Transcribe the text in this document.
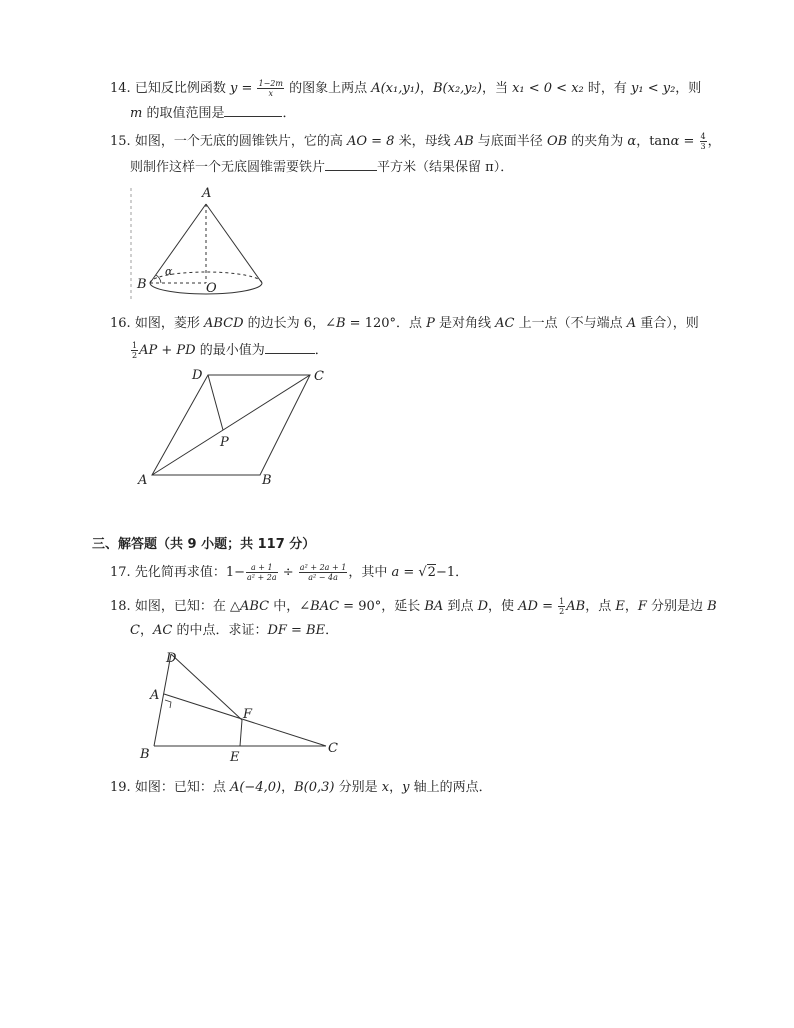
14. 已知反比例函数 $y = \frac{1-2m}{x}$ 的图象上两点 A(x₁,y₁)，B(x₂,y₂)，当 x₁ < 0 < x₂ 时，有 y₁ < y₂，则
m 的取值范围是	．
15. 如图，一个无底的圆锥铁片，它的高 AO = 8 米，母线 AB 与底面半径 OB 的夹角为 α，$\tan\alpha = \frac{4}{3}$ ，
则制作这样一个无底圆锥需要铁片	平方米（结果保留 π）．
A
B	O
α
16. 如图，菱形 ABCD 的边长为 6，∠B = 120°．点 P 是对角线 AC 上一点（不与端点 A 重合），则
$\frac{1}{2}$ AP + PD 的最小值为	．
A	B
C
D
P
三、解答题（共 9 小题；共 117 分）
17. 先化简再求值：$1- \frac{a + 1}{\text{a² + 2a}} \div \frac{\text{a² + 2a + 1}}{\text{a² − 4a}}$ ，其中 a = √2−1．
18. 如图，已知：在 △ABC 中，∠BAC = 90°，延长 BA 到点 D，使 AD = $\frac{1}{2}$ AB，点 E，F 分别是边 B
C，AC 的中点．求证：DF = BE．
D
A
B	C
E
F
19. 如图：已知：点 A(−4,0)，B(0,3) 分别是 x，y 轴上的两点．
